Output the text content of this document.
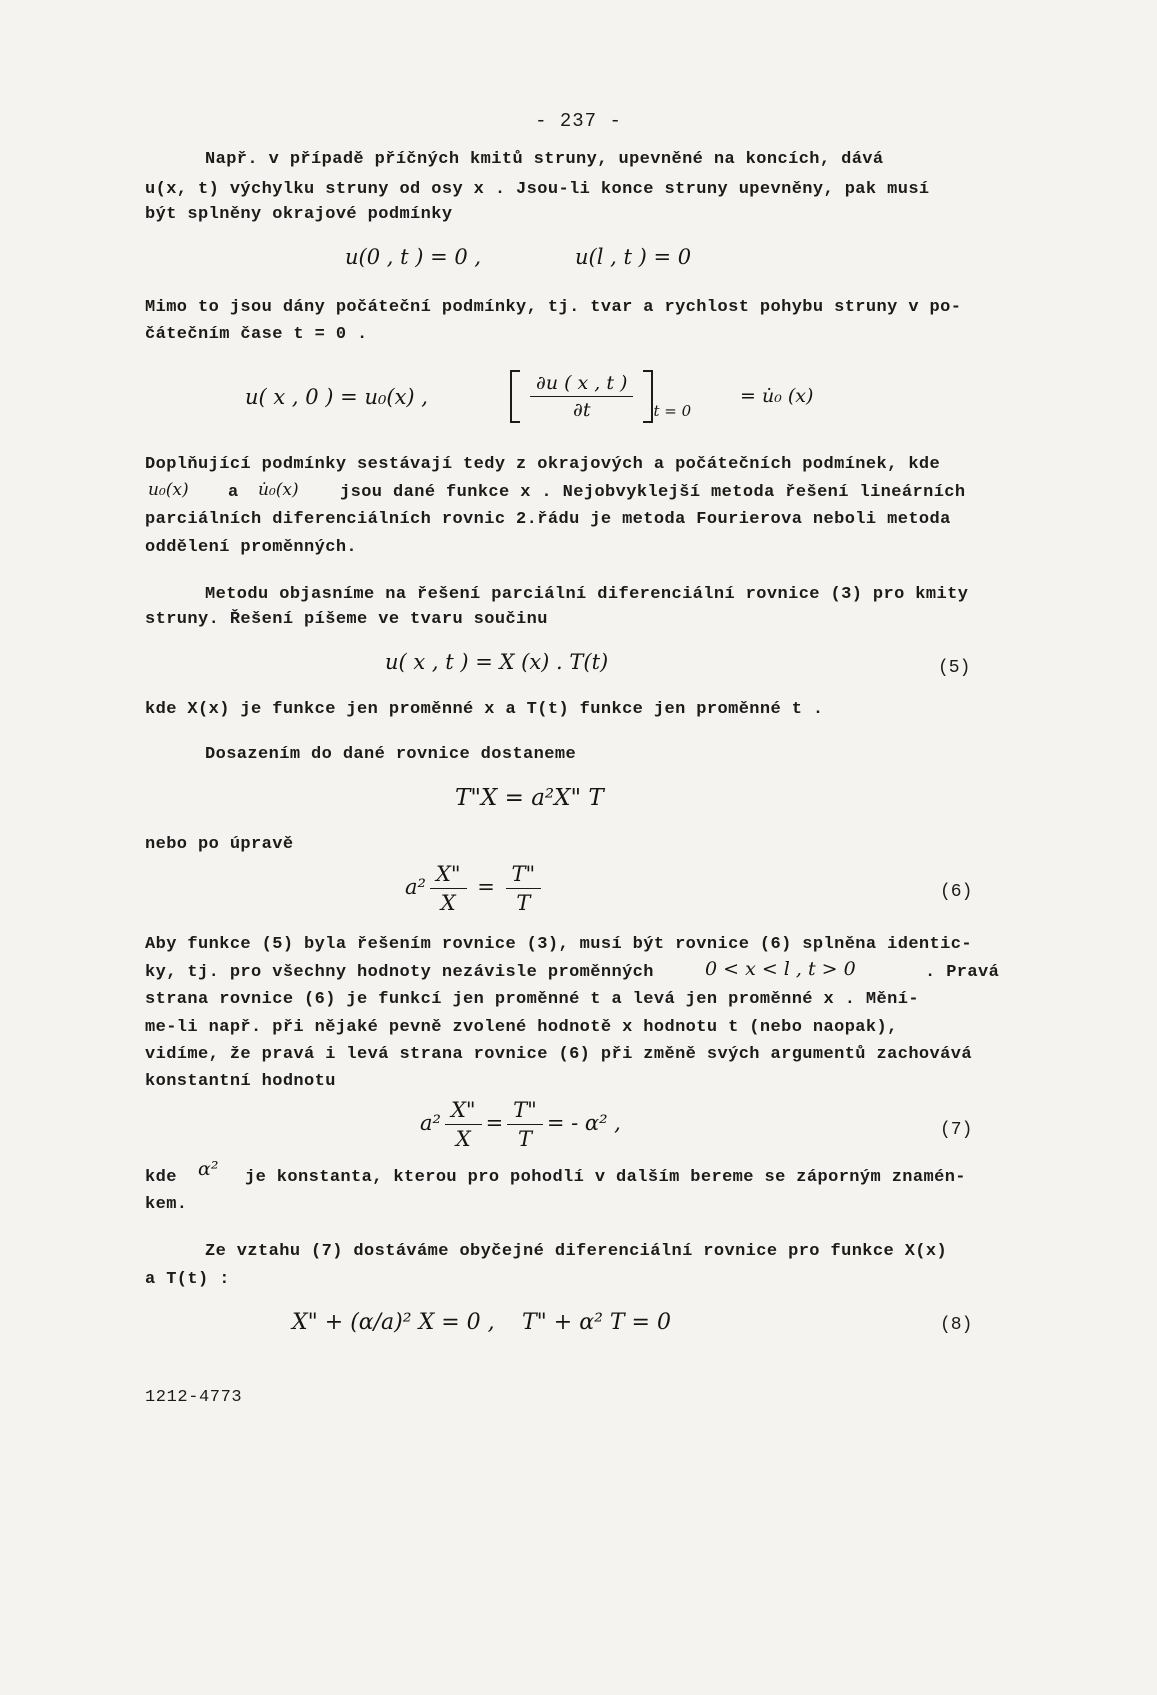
- 237 -
Např. v případě příčných kmitů struny, upevněné na koncích, dává
u(x, t) výchylku struny od osy x . Jsou-li konce struny upevněny, pak musí
být splněny okrajové podmínky
u(0 , t ) = 0 ,	u(l , t ) = 0
Mimo to jsou dány počáteční podmínky, tj. tvar a rychlost pohybu struny v po-
čátečním čase t = 0 .
u( x , 0 ) = u₀(x) ,	$\frac{\partial u ( x , t )}{\partial t} _{t = 0}$
= u̇₀ (x)
Doplňující podmínky sestávají tedy z okrajových a počátečních podmínek, kde
u₀(x) a u̇₀(x) jsou dané funkce x . Nejobvyklejší metoda řešení lineárních
parciálních diferenciálních rovnic 2.řádu je metoda Fourierova neboli metoda
oddělení proměnných.
Metodu objasníme na řešení parciální diferenciální rovnice (3) pro kmity
struny. Řešení píšeme ve tvaru součinu
u( x , t ) = X (x) . T(t)	(5)
kde X(x) je funkce jen proměnné x a T(t) funkce jen proměnné t .
Dosazením do dané rovnice dostaneme
T"X = a²X" T
nebo po úpravě
$a^2 \frac{X"}{X} = \frac{T"}{T}$	(6)
Aby funkce (5) byla řešením rovnice (3), musí být rovnice (6) splněna identic-
ky, tj. pro všechny hodnoty nezávisle proměnných	0 < x < l , t > 0	. Pravá
strana rovnice (6) je funkcí jen proměnné t a levá jen proměnné x . Mění-
me-li např. při nějaké pevně zvolené hodnotě x hodnotu t (nebo naopak),
vidíme, že pravá i levá strana rovnice (6) při změně svých argumentů zachovává
konstantní hodnotu
$a^2 \frac{X"}{X} = \frac{T"}{T}$ = - α² ,	(7)
kde α² je konstanta, kterou pro pohodlí v dalším bereme se záporným znamén-
kem.
Ze vztahu (7) dostáváme obyčejné diferenciální rovnice pro funkce X(x)
a T(t) :
X" + (α/a)² X = 0 , T" + α² T = 0	(8)
1212-4773
